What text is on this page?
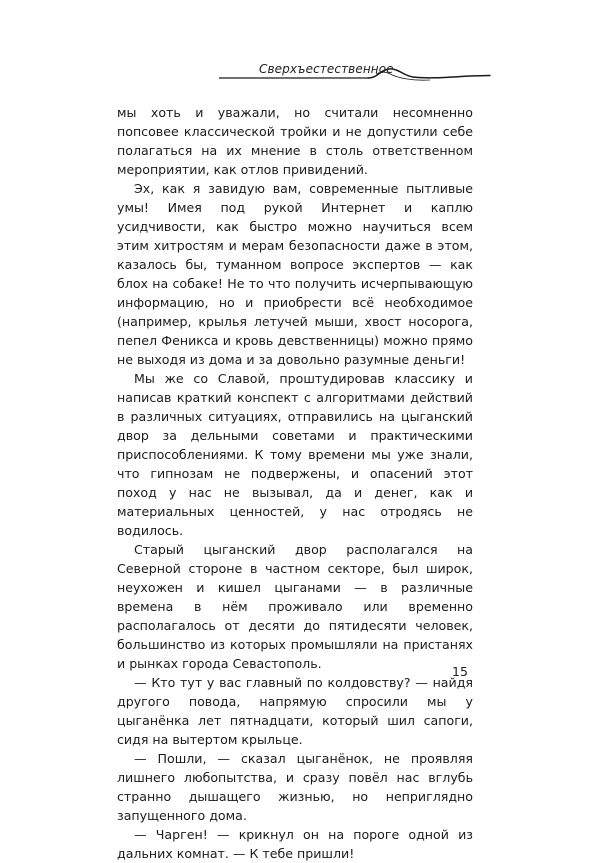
Сверхъестественное

мы хоть и уважали, но считали несомненно попсовее классической тройки и не допустили себе полагаться на их мнение в столь ответственном мероприятии, как отлов привидений.

Эх, как я завидую вам, современные пытливые умы! Имея под рукой Интернет и каплю усидчивости, как быстро можно научиться всем этим хитростям и мерам безопасности даже в этом, казалось бы, туманном вопросе экспертов — как блох на собаке! Не то что получить исчерпывающую информацию, но и приобрести всё необходимое (например, крылья летучей мыши, хвост носорога, пепел Феникса и кровь девственницы) можно прямо не выходя из дома и за довольно разумные деньги!

Мы же со Славой, проштудировав классику и написав краткий конспект с алгоритмами действий в различных ситуациях, отправились на цыганский двор за дельными советами и практическими приспособлениями. К тому времени мы уже знали, что гипнозам не подвержены, и опасений этот поход у нас не вызывал, да и денег, как и материальных ценностей, у нас отродясь не водилось.

Старый цыганский двор располагался на Северной стороне в частном секторе, был широк, неухожен и кишел цыганами — в различные времена в нём проживало или временно располагалось от десяти до пятидесяти человек, большинство из которых промышляли на пристанях и рынках города Севастополь.

— Кто тут у вас главный по колдовству? — найдя другого повода, напрямую спросили мы у цыганёнка лет пятнадцати, который шил сапоги, сидя на вытертом крыльце.

— Пошли, — сказал цыганёнок, не проявляя лишнего любопытства, и сразу повёл нас вглубь странно дышащего жизнью, но неприглядно запущенного дома.

— Чарген! — крикнул он на пороге одной из дальних комнат. — К тебе пришли!

15
